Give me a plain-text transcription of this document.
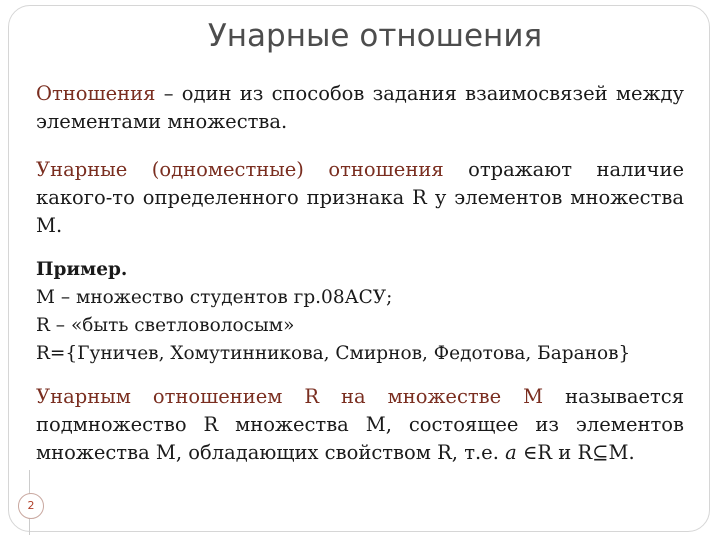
Унарные отношения
Отношения – один из способов задания взаимосвязей между элементами множества.
Унарные (одноместные) отношения отражают наличие какого-то определенного признака R у элементов множества М.
Пример.
М – множество студентов гр.08АСУ;
R – «быть светловолосым»
R={Гуничев, Хомутинникова, Смирнов, Федотова, Баранов}
Унарным отношением R на множестве М называется подмножество R множества М, состоящее из элементов множества М, обладающих свойством R, т.е. a ∈R и R⊆M.
2
